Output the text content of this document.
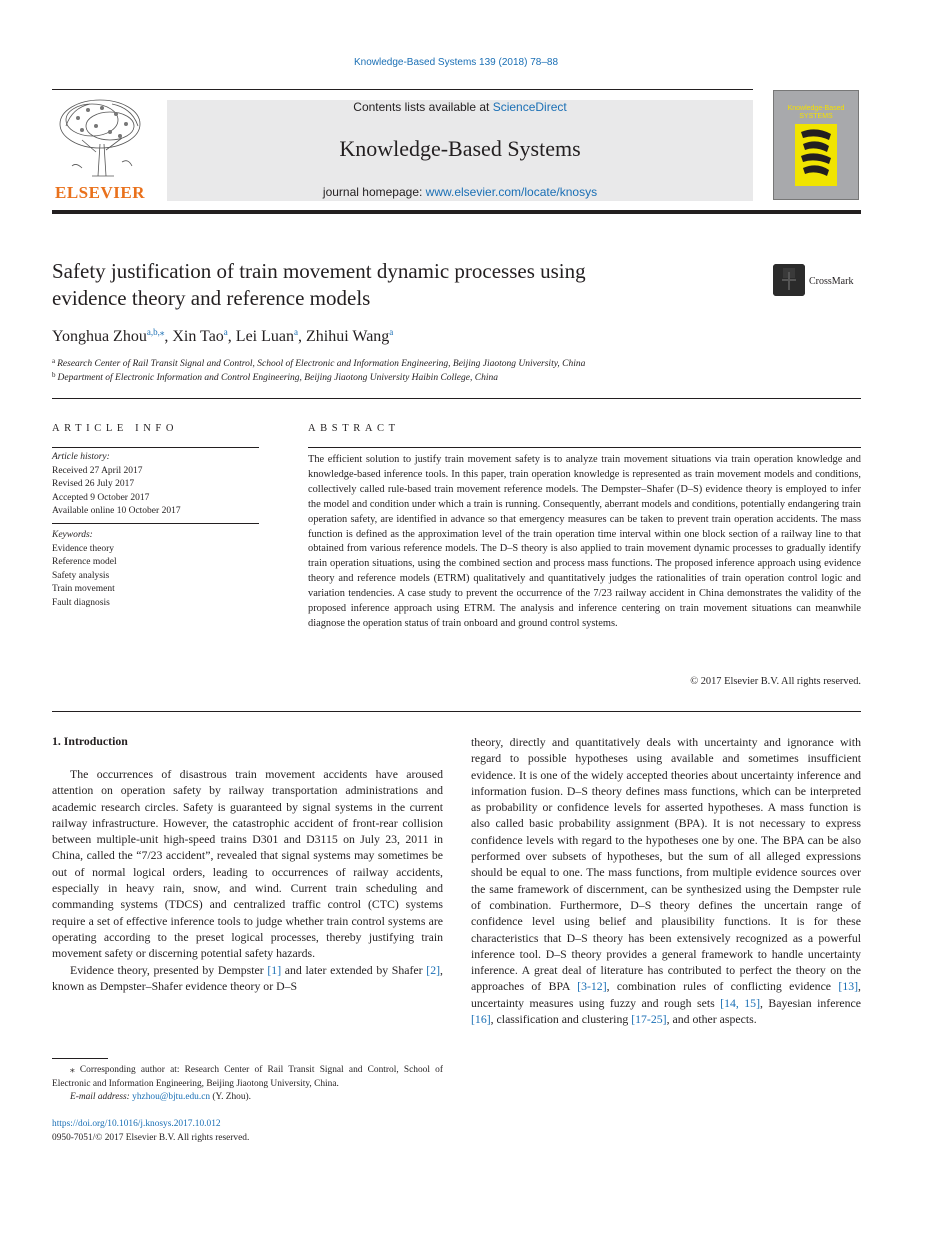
Knowledge-Based Systems 139 (2018) 78–88
ELSEVIER
Contents lists available at ScienceDirect
Knowledge-Based Systems
journal homepage: www.elsevier.com/locate/knosys
Knowledge-Based
SYSTEMS
Safety justification of train movement dynamic processes using
evidence theory and reference models
CrossMark
Yonghua Zhou$^{a,b,⁎}$, Xin Tao$^a$, Lei Luan$^a$, Zhihui Wang$^a$
$^a$ Research Center of Rail Transit Signal and Control, School of Electronic and Information Engineering, Beijing Jiaotong University, China
$^b$ Department of Electronic Information and Control Engineering, Beijing Jiaotong University Haibin College, China
ARTICLE INFO
Article history:
Received 27 April 2017
Revised 26 July 2017
Accepted 9 October 2017
Available online 10 October 2017
Keywords:
Evidence theory
Reference model
Safety analysis
Train movement
Fault diagnosis
ABSTRACT
The efficient solution to justify train movement safety is to analyze train movement situations via train operation knowledge and knowledge-based inference tools. In this paper, train operation knowledge is represented as train movement models and conditions, collectively called rule-based train movement reference models. The Dempster–Shafer (D–S) evidence theory is employed to infer the model and condition under which a train is running. Consequently, aberrant models and conditions, potentially endangering train operation safety, are identified in advance so that emergency measures can be taken to prevent train operation accidents. The mass function is defined as the approximation level of the train operation time interval within one block section of a railway line to that obtained from various reference models. The D–S theory is also applied to train movement dynamic processes to gradually identify train operation situations, using the combined section and process mass functions. The proposed inference approach using evidence theory and reference models (ETRM) qualitatively and quantitatively judges the rationalities of train operation control logic and variation tendencies. A case study to prevent the occurrence of the 7/23 railway accident in China demonstrates the validity of the proposed inference approach using ETRM. The analysis and inference centering on train movement situations can meanwhile diagnose the operation status of train onboard and ground control systems.
© 2017 Elsevier B.V. All rights reserved.
1. Introduction

The occurrences of disastrous train movement accidents have aroused attention on operation safety by railway transportation administrations and academic research circles. Safety is guaranteed by signal systems in the current railway infrastructure. However, the catastrophic accident of front-rear collision between multiple-unit high-speed trains D301 and D3115 on July 23, 2011 in China, called the “7/23 accident”, revealed that signal systems may sometimes be out of normal logical orders, leading to occurrences of railway accidents, especially in heavy rain, snow, and wind. Current train scheduling and commanding systems (TDCS) and centralized traffic control (CTC) systems require a set of effective inference tools to judge whether train control systems are operating according to the preset logical processes, thereby justifying train movement safety or discerning potential safety hazards.

Evidence theory, presented by Dempster [1] and later extended by Shafer [2], known as Dempster–Shafer evidence theory or D–S

theory, directly and quantitatively deals with uncertainty and ignorance with regard to possible hypotheses using available and sometimes insufficient evidence. It is one of the widely accepted theories about uncertainty inference and information fusion. D–S theory defines mass functions, which can be interpreted as probability or confidence levels for asserted hypotheses. A mass function is also called basic probability assignment (BPA). It is not necessary to express confidence levels with regard to the hypotheses one by one. The BPA can be also performed over subsets of hypotheses, but the sum of all alleged expressions should be equal to one. The mass functions, from multiple evidence sources over the same framework of discernment, can be synthesized using the Dempster rule of combination. Furthermore, D–S theory defines the uncertain range of confidence level using belief and plausibility functions. It is for these characteristics that D–S theory has been extensively recognized as a powerful inference tool. D–S theory provides a general framework to handle uncertainty inference. A great deal of literature has contributed to perfect the theory on the approaches of BPA [3-12], combination rules of conflicting evidence [13], uncertainty measures using fuzzy and rough sets [14, 15], Bayesian inference [16], classification and clustering [17-25], and other aspects.

⁎ Corresponding author at: Research Center of Rail Transit Signal and Control, School of Electronic and Information Engineering, Beijing Jiaotong University, China.
E-mail address: yhzhou@bjtu.edu.cn (Y. Zhou).
https://doi.org/10.1016/j.knosys.2017.10.012
0950-7051/© 2017 Elsevier B.V. All rights reserved.
